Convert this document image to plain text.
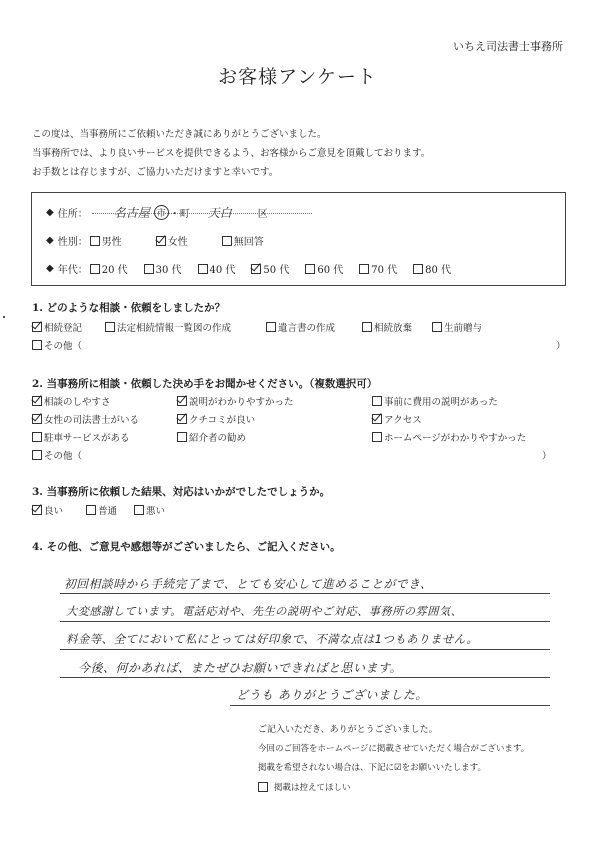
いちえ司法書士事務所
お客様アンケート
この度は、当事務所にご依頼いただき誠にありがとうございました。
当事務所では、より良いサービスを提供できるよう、お客様からご意見を頂戴しております。
お手数とは存じますが、ご協力いただけますと幸いです。
◆ 住所： 名古屋 市 ・町 天白	区
◆ 性別： 男性	女性	無回答
◆ 年代： 20 代	30 代	40 代	50 代	60 代	70 代	80 代
1. どのような相談・依頼をしましたか？
相続登記	法定相続情報一覧図の作成	遺言書の作成	相続放棄	生前贈与
その他（	）
2. 当事務所に相談・依頼した決め手をお聞かせください。（複数選択可）
相談のしやすさ	説明がわかりやすかった	事前に費用の説明があった
女性の司法書士がいる	クチコミが良い	アクセス
駐車サービスがある	紹介者の勧め	ホームページがわかりやすかった
その他（	）
3. 当事務所に依頼した結果、対応はいかがでしたでしょうか。
良い	普通	悪い
4. その他、ご意見や感想等がございましたら、ご記入ください。
初回相談時から手続完了まで、とても安心して進めることができ、
大変感謝しています。電話応対や、先生の説明やご対応、事務所の雰囲気、
料金等、全てにおいて私にとっては好印象で、不満な点は1つもありません。
今後、何かあれば、またぜひお願いできればと思います。
どうも ありがとうございました。
ご記入いただき、ありがとうございました。
今回のご回答をホームページに掲載させていただく場合がございます。
掲載を希望されない場合は、下記に☑をお願いいたします。
掲載は控えてほしい
